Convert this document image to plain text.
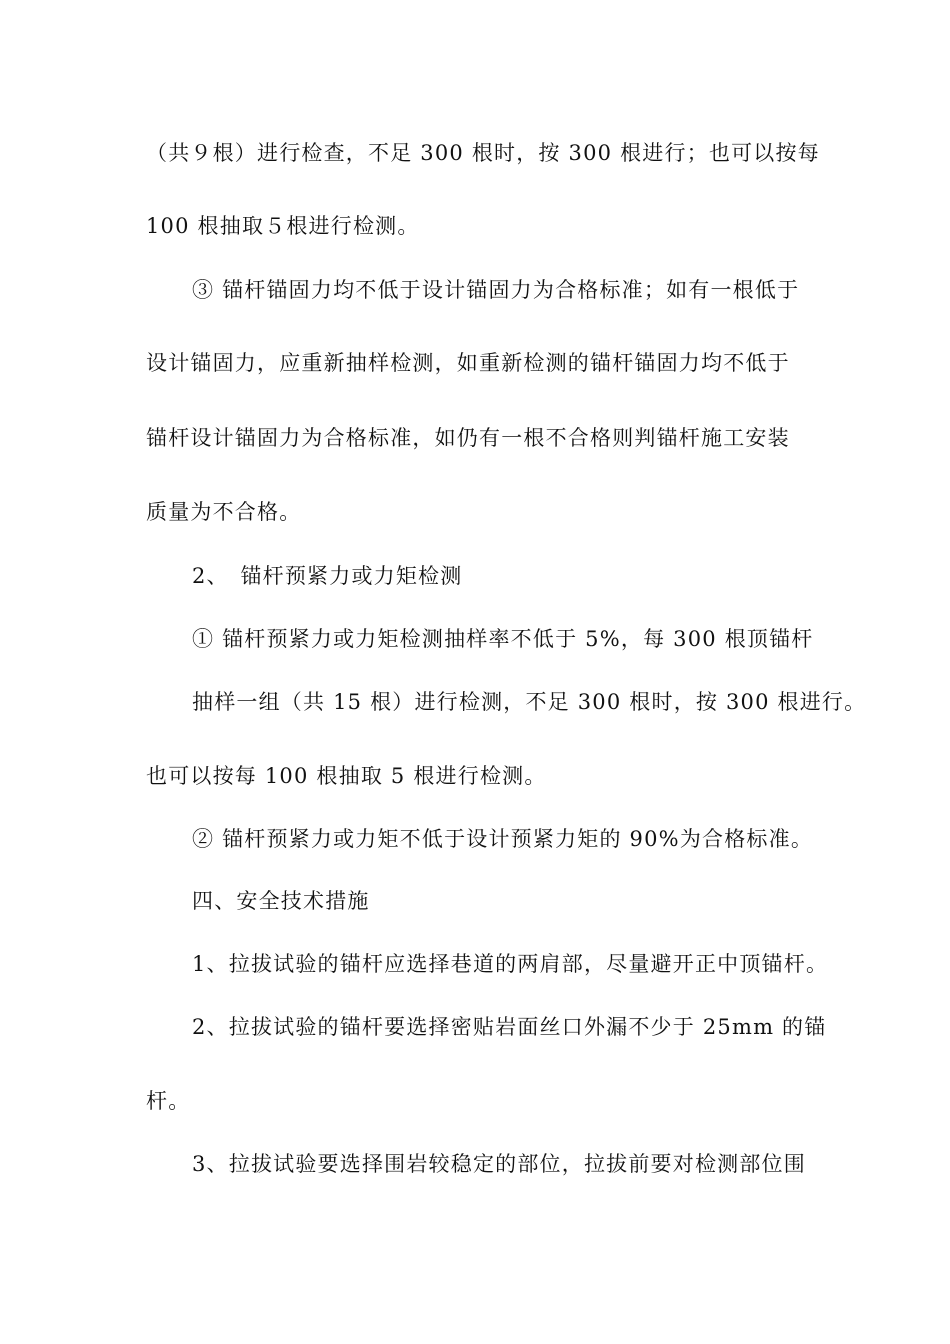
（共９根）进行检查，不足 300 根时，按 300 根进行；也可以按每
100 根抽取５根进行检测。
③ 锚杆锚固力均不低于设计锚固力为合格标准；如有一根低于
设计锚固力，应重新抽样检测，如重新检测的锚杆锚固力均不低于
锚杆设计锚固力为合格标准，如仍有一根不合格则判锚杆施工安装
质量为不合格。
2、　锚杆预紧力或力矩检测
① 锚杆预紧力或力矩检测抽样率不低于 5%，每 300 根顶锚杆
抽样一组（共 15 根）进行检测，不足 300 根时，按 300 根进行。
也可以按每 100 根抽取 5 根进行检测。
② 锚杆预紧力或力矩不低于设计预紧力矩的 90%为合格标准。
四、安全技术措施
1、拉拔试验的锚杆应选择巷道的两肩部，尽量避开正中顶锚杆。
2、拉拔试验的锚杆要选择密贴岩面丝口外漏不少于 25mm 的锚
杆。
3、拉拔试验要选择围岩较稳定的部位，拉拔前要对检测部位围
